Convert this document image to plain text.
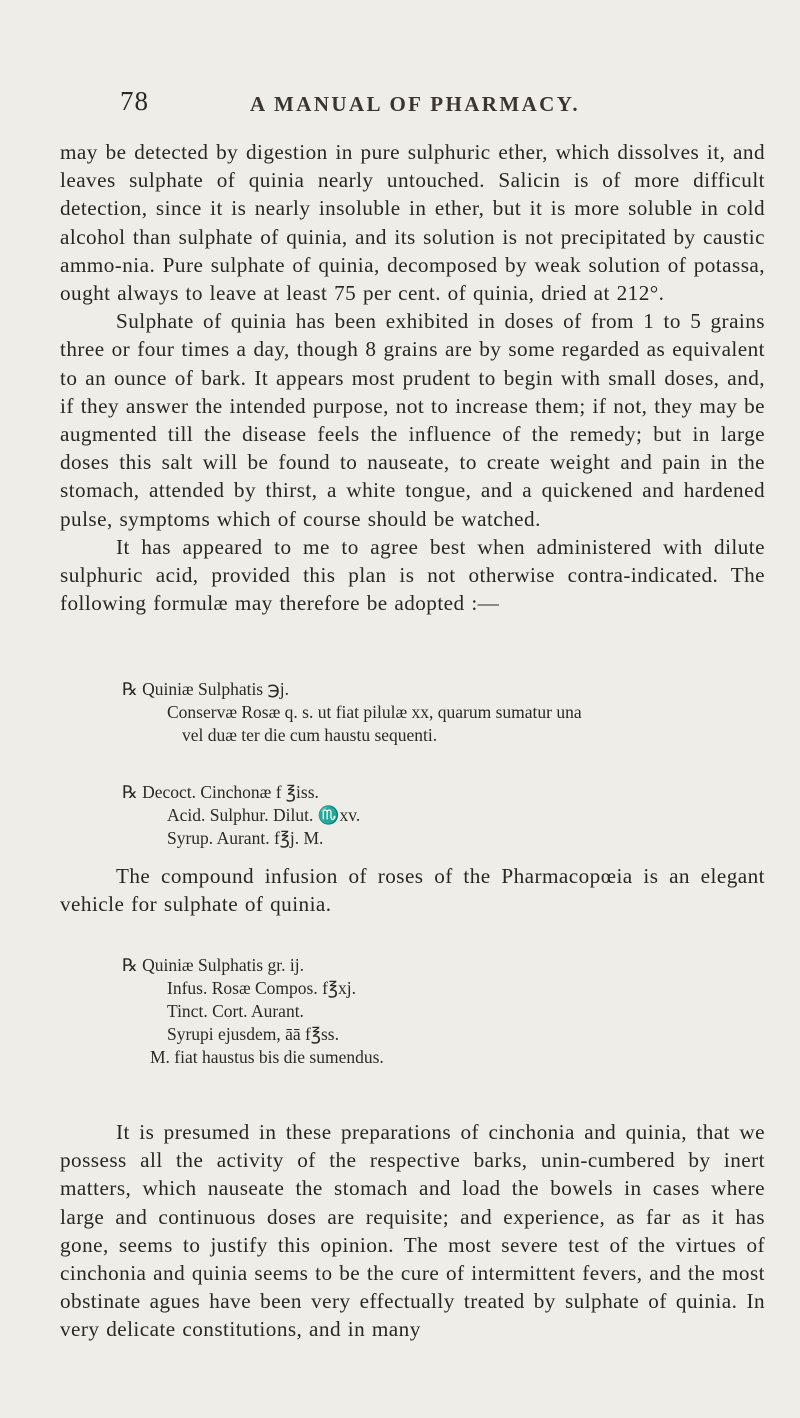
78	A MANUAL OF PHARMACY.

may be detected by digestion in pure sulphuric ether, which dissolves it, and leaves sulphate of quinia nearly untouched. Salicin is of more difficult detection, since it is nearly insoluble in ether, but it is more soluble in cold alcohol than sulphate of quinia, and its solution is not precipitated by caustic ammo-nia. Pure sulphate of quinia, decomposed by weak solution of potassa, ought always to leave at least 75 per cent. of quinia, dried at 212°.

Sulphate of quinia has been exhibited in doses of from 1 to 5 grains three or four times a day, though 8 grains are by some regarded as equivalent to an ounce of bark. It appears most prudent to begin with small doses, and, if they answer the intended purpose, not to increase them; if not, they may be augmented till the disease feels the influence of the remedy; but in large doses this salt will be found to nauseate, to create weight and pain in the stomach, attended by thirst, a white tongue, and a quickened and hardened pulse, symptoms which of course should be watched.

It has appeared to me to agree best when administered with dilute sulphuric acid, provided this plan is not otherwise contra-indicated. The following formulæ may therefore be adopted :—

℞ Quiniæ Sulphatis ℈j.
Conservæ Rosæ q. s. ut fiat pilulæ xx, quarum sumatur una
vel duæ ter die cum haustu sequenti.
℞ Decoct. Cinchonæ f ℥iss.
Acid. Sulphur. Dilut. ♏xv.
Syrup. Aurant. f℥j. M.

The compound infusion of roses of the Pharmacopœia is an elegant vehicle for sulphate of quinia.

℞ Quiniæ Sulphatis gr. ij.
Infus. Rosæ Compos. f℥xj.
Tinct. Cort. Aurant.
Syrupi ejusdem, āā f℥ss.
M. fiat haustus bis die sumendus.

It is presumed in these preparations of cinchonia and quinia, that we possess all the activity of the respective barks, unin-cumbered by inert matters, which nauseate the stomach and load the bowels in cases where large and continuous doses are requisite; and experience, as far as it has gone, seems to justify this opinion. The most severe test of the virtues of cinchonia and quinia seems to be the cure of intermittent fevers, and the most obstinate agues have been very effectually treated by sulphate of quinia. In very delicate constitutions, and in many
